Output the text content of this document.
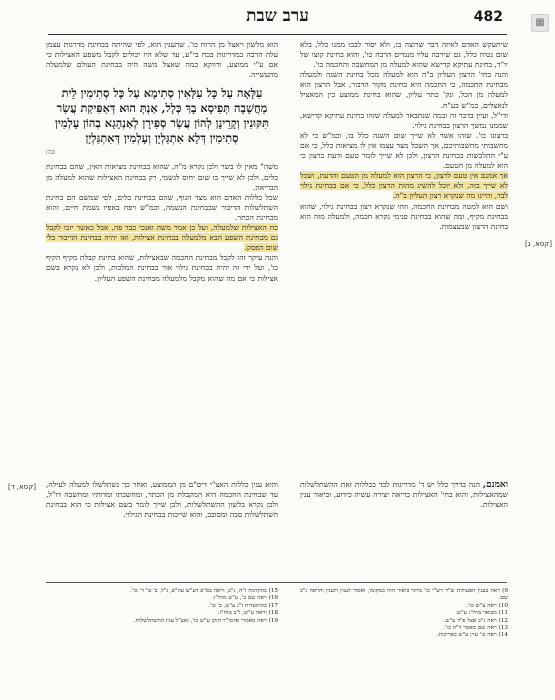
ערב שבת	482	▦

שיתעקש האדם לאיזה דבר שרוצה בו, ולא יסור לבבו ממנו כלל, בלא שום נטיה כלל, גם שירבה עליו מנגדים הרבה כו', והוא בחינת קוצו של יו"ד, בחינת עתיקא קדישא שהוא למעלה מן המחשבה והחכמה כו'.

והנה בחי' הרצון העליון ב"ה הוא למעלה מכל בחינת השגה ולמעלה מבחינת החכמה, כי החכמה היא בחינת מקור הדבור, אבל הרצון הוא למעלה מן הכל, ונק' כתר עליון, שהוא בחינת ממוצע בין המאציל לנאצלים, כמ"ש בע"ח.

ודי"ל, ועיין בדבר זה ובמה שנתבאר למעלה שזהו בחינת עתיקא קדישא, שממנו נמשך הרצון בבחינת גילוי.

ברצונו כו'. שזהו אשר לא שייך שום השגה כלל בו, וכמ"ש כי לא מחשבותי מחשבותיכם, אך השכל מצד עצמו אין לו מציאות כלל, כי אם ע"י התלבשות בבחינת הרצון, ולכן לא שייך לומר טעם ודעת ברצון כי הוא למעלה מן הטעם.

אך אמנם אין טעם לרצון, כי הרצון הוא למעלה מן הטעם והדעת, ושכל לא שייך בזה, ולא יוכל להשיג מהות הרצון כלל, כי אם בבחינת גילוי לבד, והיינו מה שנקרא רצון העליון ב"ה.

ושם הוא למטה מבחינת החכמה, וזהו שנקרא רצון בבחינת גילוי, שהוא בבחינת מקיף, ומה שהוא בבחינת פנימי נקרא חכמה, ולמעלה מזה הוא בחינת הרצון שבעצמות.

הוא מלשון ויאצל מן הרוח כו'. שהענין הוא, לפי שהיתה בבחינת מדרגות עצמן עלה הרבה במדריגות בכח בי"ע, עד שלא היו יכולים לקבל משפע האצילות כי אם ע"י ממוצע, ודווקא כמה שאצל משה היה בבחינת העולם שלמעלה מהעשייה.

עִלָּאָה עַל כָּל עִלָּאִין סְתִימָא עַל כָּל סְתִימִין לֵית מַחֲשָׁבָה תְּפִיסָא בָךְ כְּלָל, אַנְתְּ הוּא דְּאַפִּיקַת עֲשַׂר תִּקּוּנִין וְקָרֵינָן לְהוֹן עֲשַׂר סְפִירָן לְאַנְהָגָא בְהוֹן עָלְמִין סְתִימִין דְּלָא אִתְגַּלְיָן וְעָלְמִין דְּאִתְגַּלְיָן
ובהן

משה" מאין לו בשר ולכן נקרא מ"ה, שהוא בבחינת מציאות האין, שהם בבחינת כלים, ולכן לא שייך בו שום יחוס לגשמי, רק בבחינת האצילות שהוא למעלה מן הבריאה.

שכל כללות האדם הוא מצד הגוף, שהם בבחינת כלים, לפי שמשם הם בחינת השתלשלות הדיבור שבבחינת הנשמה, וכמ"ש ויפח באפיו נשמת חיים, והוא מבחינת הכתר.

כח האצילות שלמעלה, ועל כן אמר משה ואנכי כבד פה, אבל כאשר יזכו לקבל גם מבחינת השפע הבא מלמעלה בבחינת אצילות, ואז יהיה בבחינת הדיבור בלי שום הפסק.

והנה עיקר זהו לקבל מבחינת החכמה שבאצילות, שהוא בחינת קבלת מקיף הקיף כו', ועל ידי זה יהיה בבחינת גילוי אור בבחינת המלכות, ולכן לא נקרא בשם אצילות כי אם מה שהוא מקבל מלמעלה מבחינת השפע העליון.

ואמנם, הנה בדרך כלל יש ד' מדריגות לבד בכללות זאת ההשתלשלות שמהאצילות, והוא בחי' האצילות בריאה יצירה עשיה כידוע, וביאור ענין האצילות.

והוא ענין כללות האצ"י דיס"ם מן הממוצע, ואחר כך נשתלשלו למעלה לעילה, עד שבחינת החכמה היא המקבלת מן הכתר, ומחשבתו ומדותיו ומחשבה דו"ל, ולכן נקרא בלשון ההשתלשלות, ולכן שייך לומר בשם אצילות כי הוא בבחינת השתלשלות סבה ומסובב, והוא שייכות בבחינת הגילוי.

[קסא, ג]
[קסא, ד]

9) ראה בענין הפעולות ש"ר רש"י כו' ביתר ביאור הזה במקומו, ואסור לענין ולענין והראה ג"כ שם.

10) ראה ע"ש כו'.

11) מבואר מוח"ז ע"ש.

12) ראה ג"כ אצל פ"ד ע"ש.

13) ראה שם מאמר ד"ה כו'.

14) ראה כו' עיין ע"ש באריכות.

15) בהקדמה ז"ה, ג"ב, וראה בס"פ דע"ש עה"פ, ג"ל, ב' כו' ד' כו'.

16) ראה שם ב', ע"ש מוח"ז.

17) בהתועדות ז"ג ע"ש, ב' כו'.

18) וראה ע"ש, ו"כ מוח"ז.

19) ראה מאמרי אדמו"ר הזקן ע"ש כו', ואצ"ל ענין ההשתלשלות.
